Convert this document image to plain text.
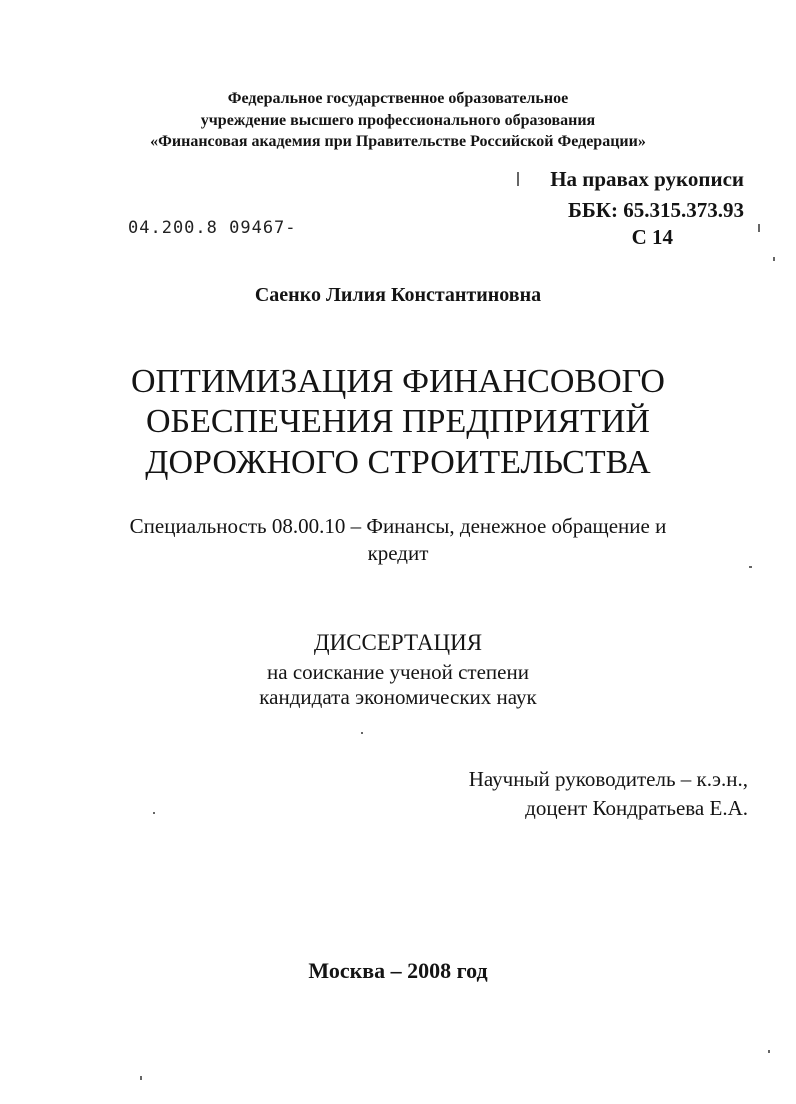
Федеральное государственное образовательное
учреждение высшего профессионального образования
«Финансовая академия при Правительстве Российской Федерации»
На правах рукописи
ББК: 65.315.373.93
С 14
04.200.8 09467-
Саенко Лилия Константиновна
ОПТИМИЗАЦИЯ ФИНАНСОВОГО
ОБЕСПЕЧЕНИЯ ПРЕДПРИЯТИЙ
ДОРОЖНОГО СТРОИТЕЛЬСТВА
Специальность 08.00.10 – Финансы, денежное обращение и
кредит
ДИССЕРТАЦИЯ
на соискание ученой степени
кандидата экономических наук
Научный руководитель – к.э.н.,
доцент Кондратьева Е.А.
Москва – 2008 год
